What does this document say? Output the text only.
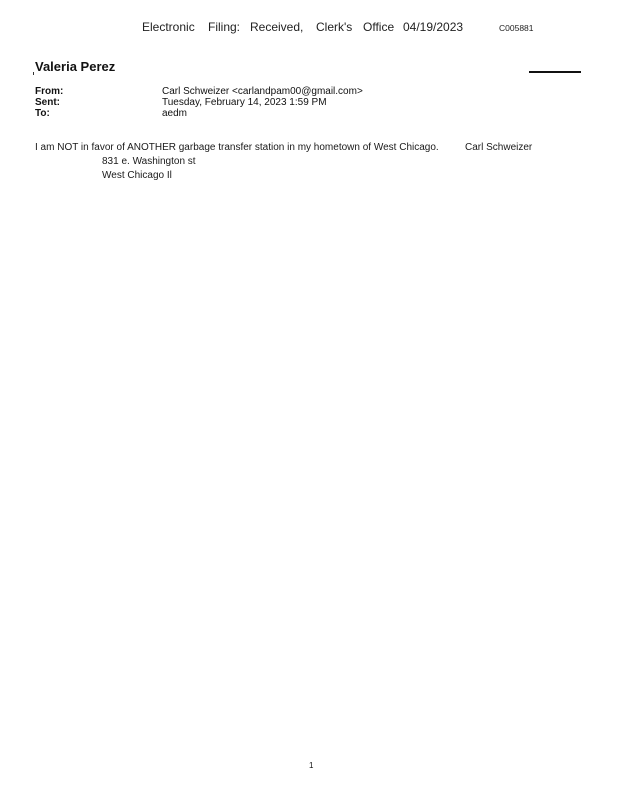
Electronic Filing: Received, Clerk's Office 04/19/2023	C005881
Valeria Perez
From:	Carl Schweizer <carlandpam00@gmail.com>
Sent:	Tuesday, February 14, 2023 1:59 PM
To:	aedm
I am NOT in favor of ANOTHER garbage transfer station in my hometown of West Chicago.	Carl Schweizer
831 e. Washington st
West Chicago Il
1
